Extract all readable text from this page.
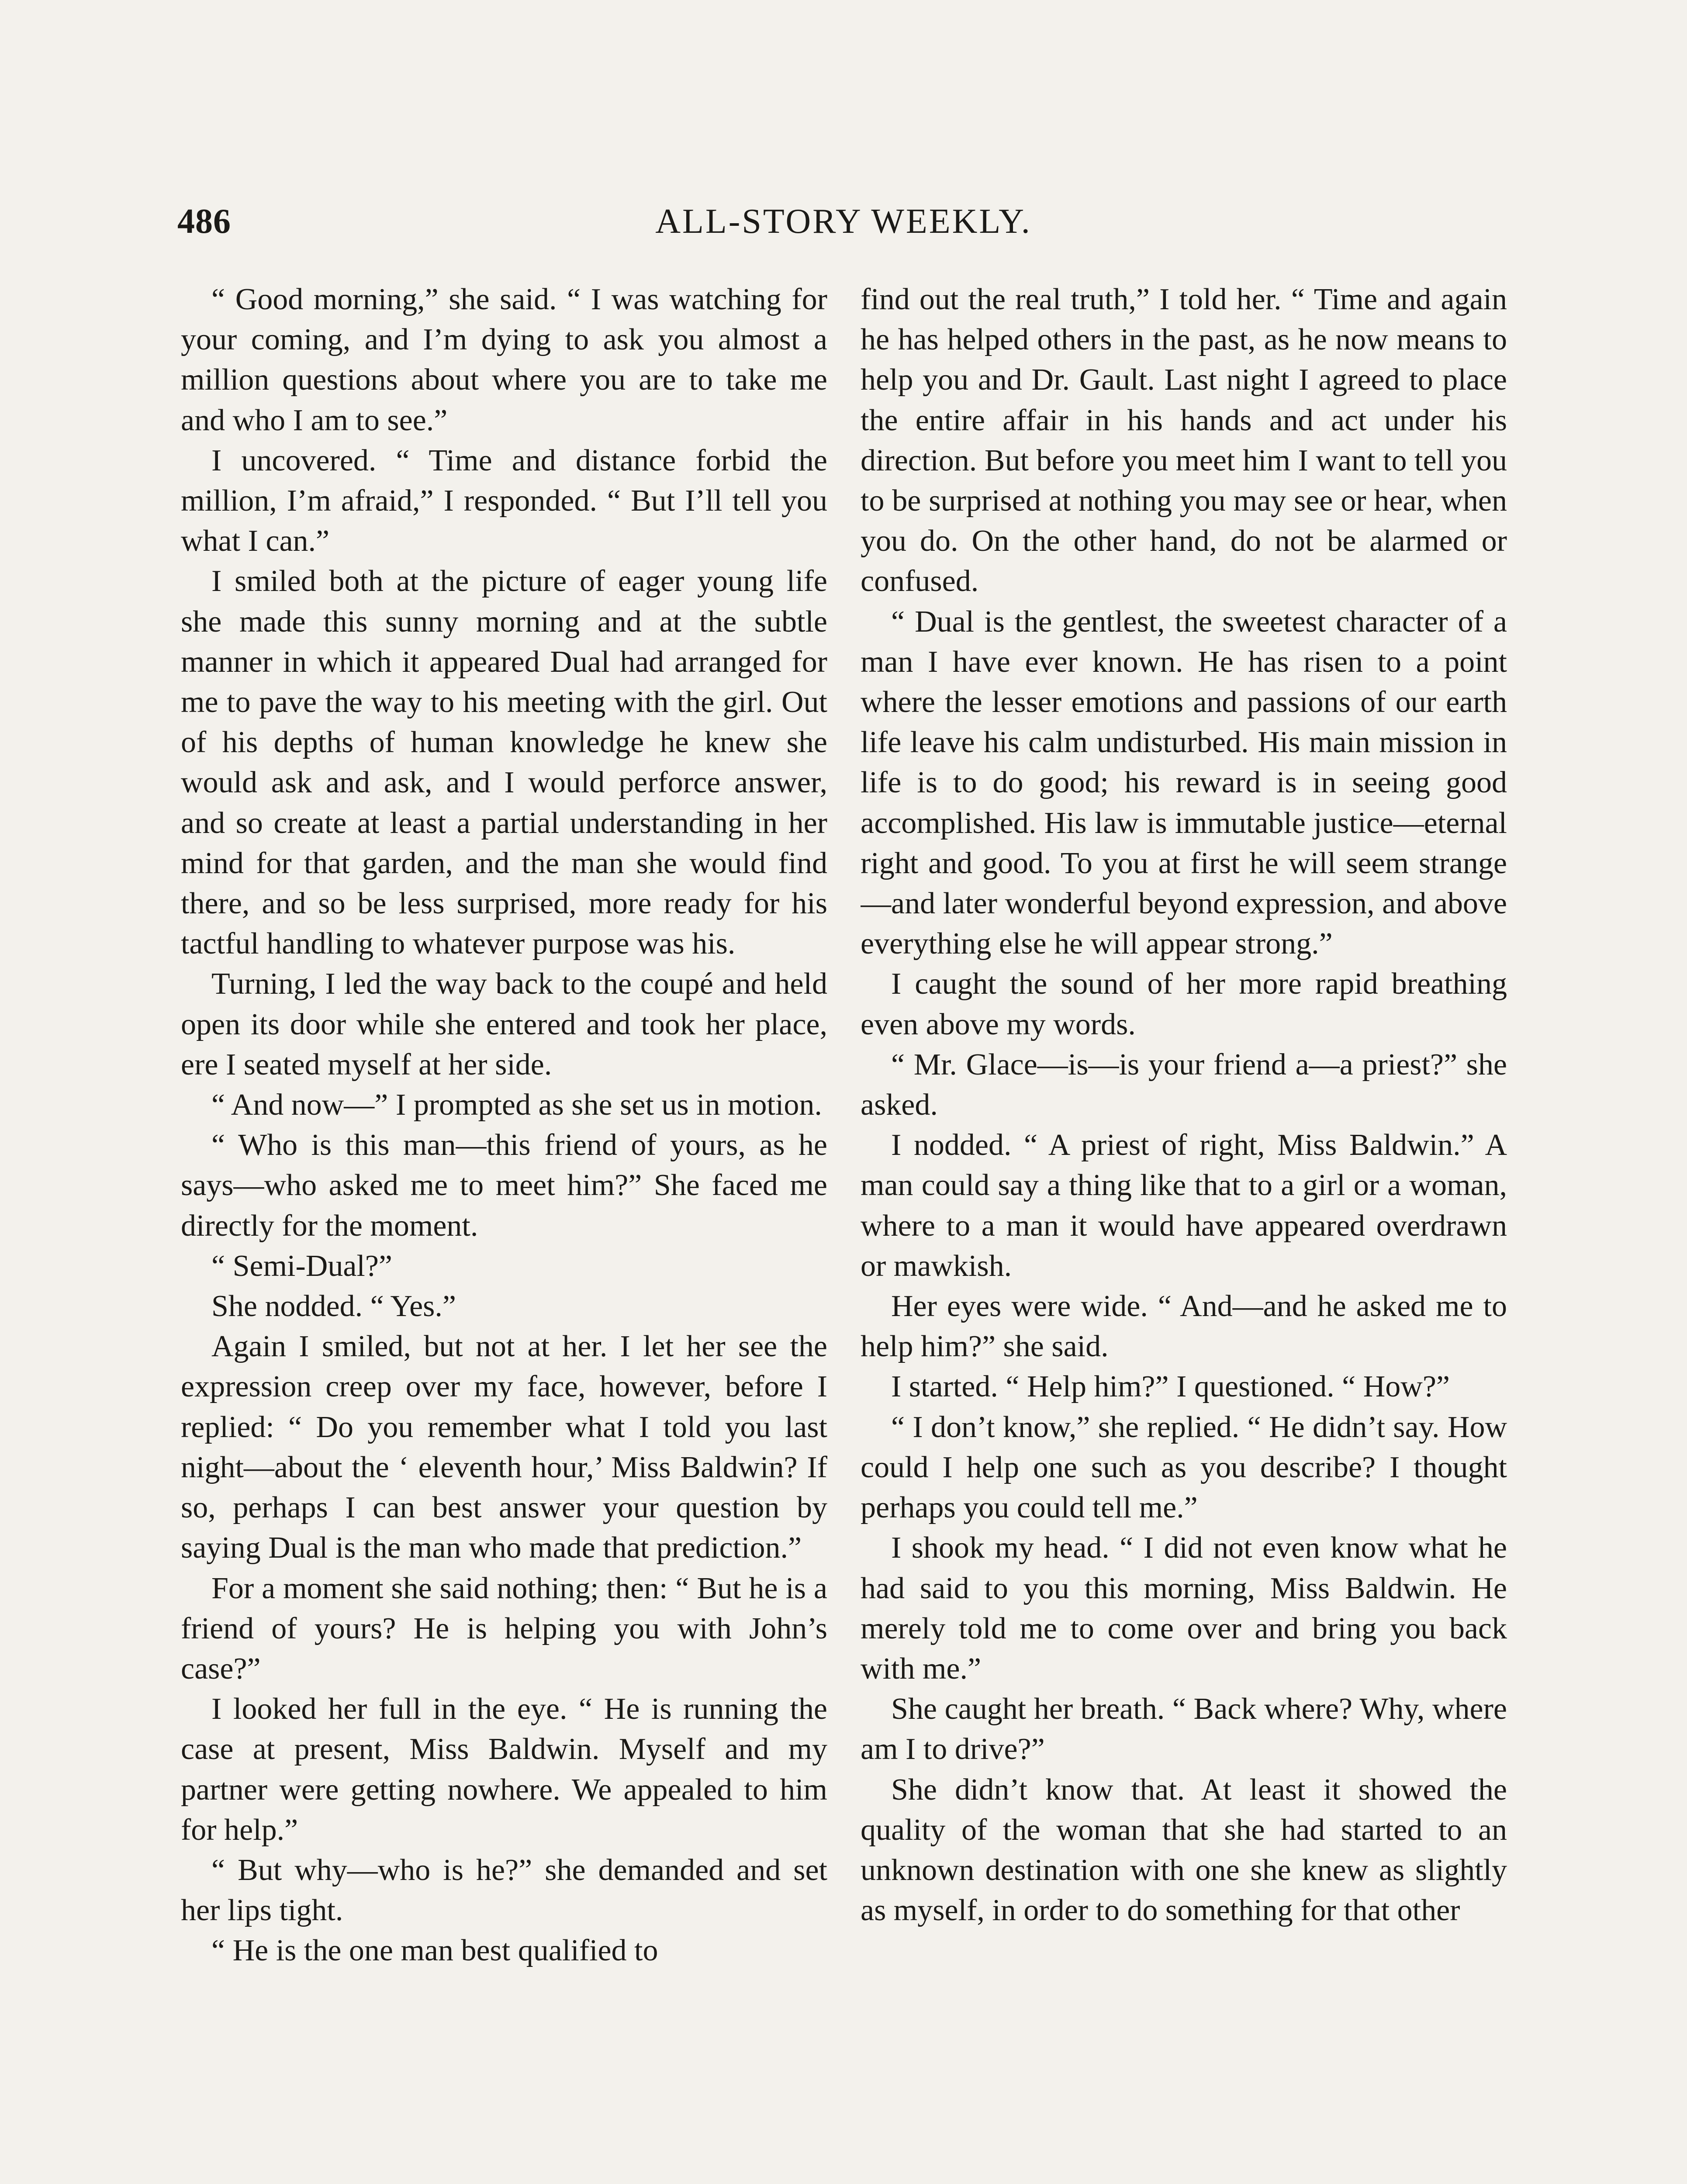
486	ALL-STORY WEEKLY.

“ Good morning,” she said. “ I was watching for your coming, and I’m dying to ask you almost a million questions about where you are to take me and who I am to see.”

I uncovered. “ Time and distance forbid the million, I’m afraid,” I responded. “ But I’ll tell you what I can.”

I smiled both at the picture of eager young life she made this sunny morning and at the subtle manner in which it appeared Dual had arranged for me to pave the way to his meeting with the girl. Out of his depths of human knowledge he knew she would ask and ask, and I would perforce answer, and so create at least a partial understanding in her mind for that garden, and the man she would find there, and so be less surprised, more ready for his tactful handling to whatever purpose was his.

Turning, I led the way back to the coupé and held open its door while she entered and took her place, ere I seated myself at her side.

“ And now—” I prompted as she set us in motion.

“ Who is this man—this friend of yours, as he says—who asked me to meet him?” She faced me directly for the moment.

“ Semi-Dual?”

She nodded. “ Yes.”

Again I smiled, but not at her. I let her see the expression creep over my face, however, before I replied: “ Do you remember what I told you last night—about the ‘ eleventh hour,’ Miss Baldwin? If so, perhaps I can best answer your question by saying Dual is the man who made that prediction.”

For a moment she said nothing; then: “ But he is a friend of yours? He is helping you with John’s case?”

I looked her full in the eye. “ He is running the case at present, Miss Baldwin. Myself and my partner were getting nowhere. We appealed to him for help.”

“ But why—who is he?” she demanded and set her lips tight.

“ He is the one man best qualified to

find out the real truth,” I told her. “ Time and again he has helped others in the past, as he now means to help you and Dr. Gault. Last night I agreed to place the entire affair in his hands and act under his direction. But before you meet him I want to tell you to be surprised at nothing you may see or hear, when you do. On the other hand, do not be alarmed or confused.

“ Dual is the gentlest, the sweetest character of a man I have ever known. He has risen to a point where the lesser emotions and passions of our earth life leave his calm undisturbed. His main mission in life is to do good; his reward is in seeing good accomplished. His law is immutable justice—eternal right and good. To you at first he will seem strange—and later wonderful beyond expression, and above everything else he will appear strong.”

I caught the sound of her more rapid breathing even above my words.

“ Mr. Glace—is—is your friend a—a priest?” she asked.

I nodded. “ A priest of right, Miss Baldwin.” A man could say a thing like that to a girl or a woman, where to a man it would have appeared overdrawn or mawkish.

Her eyes were wide. “ And—and he asked me to help him?” she said.

I started. “ Help him?” I questioned. “ How?”

“ I don’t know,” she replied. “ He didn’t say. How could I help one such as you describe? I thought perhaps you could tell me.”

I shook my head. “ I did not even know what he had said to you this morning, Miss Baldwin. He merely told me to come over and bring you back with me.”

She caught her breath. “ Back where? Why, where am I to drive?”

She didn’t know that. At least it showed the quality of the woman that she had started to an unknown destination with one she knew as slightly as myself, in order to do something for that other
